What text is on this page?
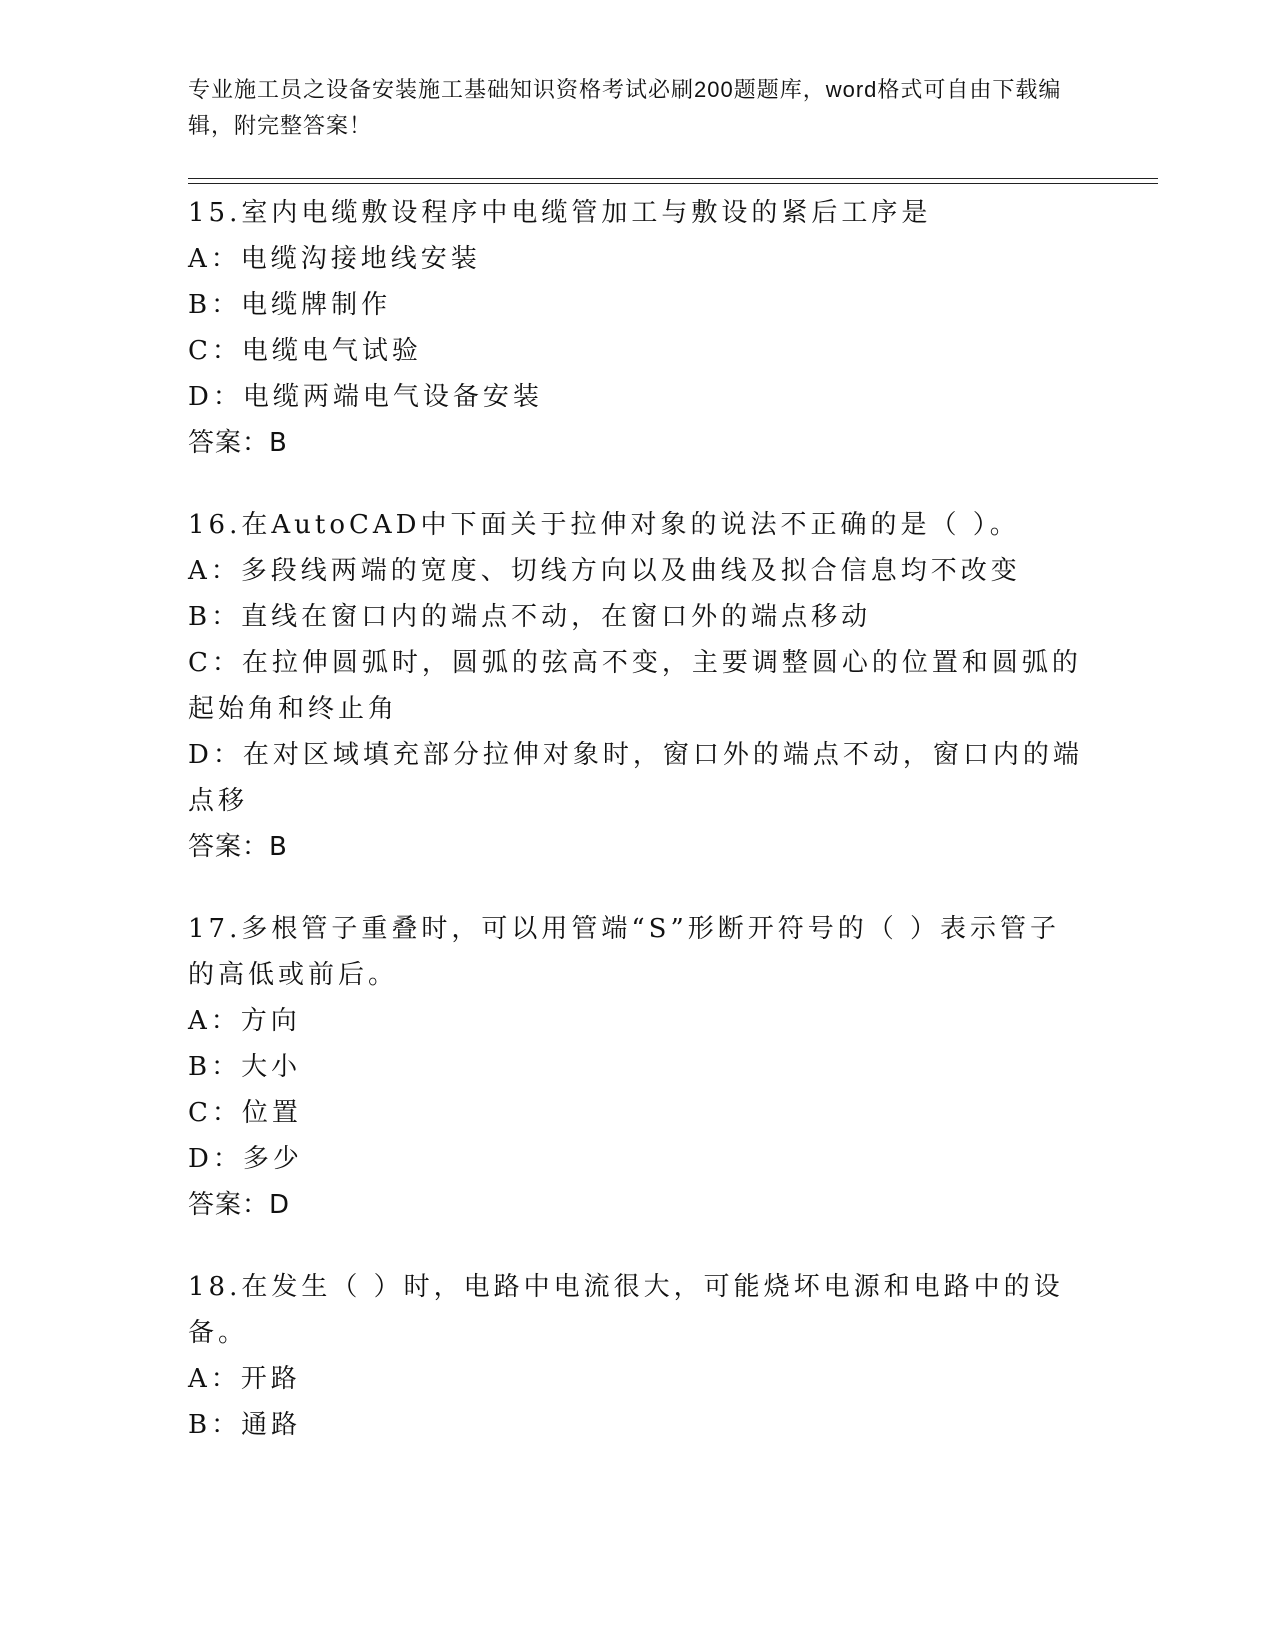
专业施工员之设备安装施工基础知识资格考试必刷200题题库，word格式可自由下载编辑，附完整答案！

15.室内电缆敷设程序中电缆管加工与敷设的紧后工序是

A：电缆沟接地线安装

B：电缆牌制作

C：电缆电气试验

D：电缆两端电气设备安装

答案：B

16.在AutoCAD中下面关于拉伸对象的说法不正确的是（ ）。

A：多段线两端的宽度、切线方向以及曲线及拟合信息均不改变

B：直线在窗口内的端点不动，在窗口外的端点移动

C：在拉伸圆弧时，圆弧的弦高不变，主要调整圆心的位置和圆弧的起始角和终止角

D：在对区域填充部分拉伸对象时，窗口外的端点不动，窗口内的端点移

答案：B

17.多根管子重叠时，可以用管端“S”形断开符号的（ ）表示管子的高低或前后。

A：方向

B：大小

C：位置

D：多少

答案：D

18.在发生（ ）时，电路中电流很大，可能烧坏电源和电路中的设备。

A：开路

B：通路
